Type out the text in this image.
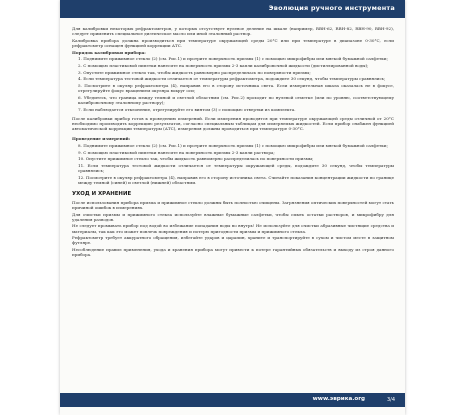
Эволюция ручного инструмента

Для калибровки некоторых рефрактометров, у которых отсутствует нулевое деление на шкале (например, RBH-62, RBH-82, RBH-90, RBH-92), следует применить специальное диэтическое масло или иной эталонный раствор.

Калибровка прибора должна производиться при температуре окружающей среды 20°C или при температуре в диапазоне 0-30°C, если рефрактометр оснащен функцией коррекции АТС.

Порядок калибровки прибора:

1. Поднимите прижимное стекло (2) (см. Рис.1) и протрите поверхность призмы (1) с помощью микрофибры или мягкой бумажной салфетки;

2. С помощью пластиковой пипетки нанесите на поверхность призмы 2-3 капли калибровочной жидкости (дистиллированной воды);

3. Опустите прижимное стекло так, чтобы жидкость равномерно распределилась по поверхности призмы;

4. Если температура тестовой жидкости отличается от температуры рефрактометра, подождите 30 секунд, чтобы температуры сравнялись;

5. Посмотрите в окуляр рефрактометра (4), направив его в сторону источника света. Если измерительная шкала оказалась не в фокусе, отрегулируйте фокус вращением окуляра вокруг оси;

6. Убедитесь, что граница между темной и светлой областями (см. Рис.2) проходит по нулевой отметке (или по уровню, соответствующему калибровочному эталонному раствору);

7. Если наблюдается отклонение, отрегулируйте его винтом (3) с помощью отвертки из комплекта.

После калибровки прибор готов к проведению измерений. Если измерения проводятся при температуре окружающей среды отличной от 20°C необходимо производить коррекцию результатов, согласно специальным таблицам для измеряемых жидкостей. Если прибор снабжен функцией автоматической коррекции температуры (АТС), измерения должны проводиться при температуре 0-30°C.

Проведение измерений:

8. Поднимите прижимное стекло (2) (см. Рис.1) и протрите поверхность призмы (1) с помощью микрофибры или мягкой бумажной салфетки;

9. С помощью пластиковой пипетки нанесите на поверхность призмы 2-3 капли раствора;

10. Опустите прижимное стекло так, чтобы жидкость равномерно распределилась по поверхности призмы;

11. Если температура тестовой жидкости отличается от температуры окружающей среды, подождите 30 секунд, чтобы температуры сравнялись;

12. Посмотрите в окуляр рефрактометра (4), направив его в сторону источника света. Считайте показания концентрации жидкости по границе между темной (синей) и светлой (нижней) областями.

УХОД И ХРАНЕНИЕ

После использования прибора призма и прижимное стекло должны быть полностью очищены. Загрязнения оптических поверхностей могут стать причиной ошибок в измерениях.

Для очистки призмы и прижимного стекла используйте влажные бумажные салфетки, чтобы смыть остатки растворов, и микрофибру для удаления разводов.

Не следует промывать прибор под водой во избежание попадания воды во внутрь! Не используйте для очистки абразивные чистящие средства и материалы, так как это может повлечь повреждения и потерю пригодности призмы и прижимного стекла.

Рефрактометр требует аккуратного обращения, избегайте ударов и царапин, храните и транспортируйте в сухом и чистом месте в защитном футляре.

Несоблюдение правил применения, ухода и хранения прибора могут привести к потере гарантийных обязательств и выходу из строя данного прибора.

www.эврика.org	3/4
